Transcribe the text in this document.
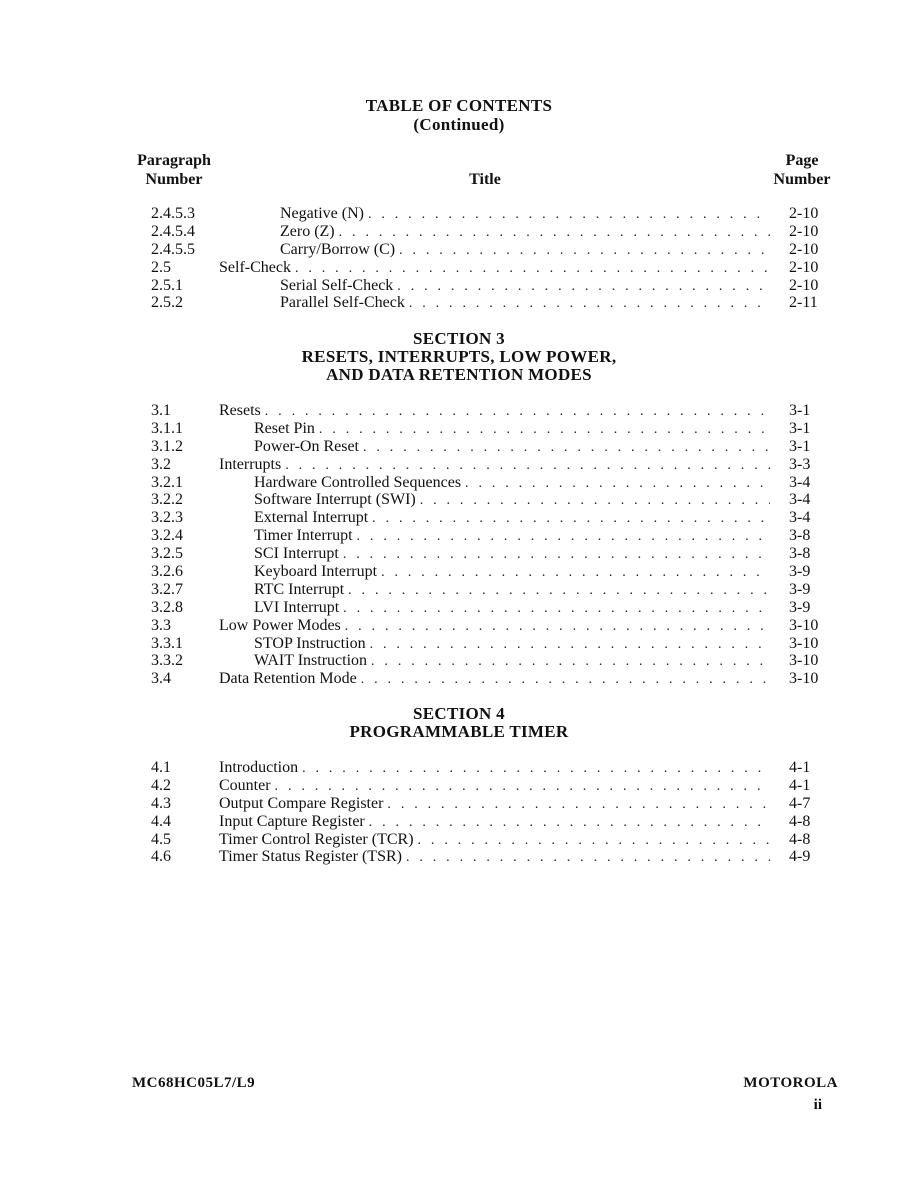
TABLE OF CONTENTS
(Continued)
Paragraph
Number	Title
Page
Number
2.4.5.3	Negative (N) . . .	2-10
2.4.5.4	Zero (Z) . . .	2-10
2.4.5.5	Carry/Borrow (C) . . .	2-10
2.5	Self-Check . . .	2-10
2.5.1	Serial Self-Check . . .	2-10
2.5.2	Parallel Self-Check . . .	2-11
SECTION 3
RESETS, INTERRUPTS, LOW POWER,
AND DATA RETENTION MODES
3.1	Resets . . .	3-1
3.1.1	Reset Pin . . .	3-1
3.1.2	Power-On Reset . . .	3-1
3.2	Interrupts . . .	3-3
3.2.1	Hardware Controlled Sequences . . .	3-4
3.2.2	Software Interrupt (SWI) . . .	3-4
3.2.3	External Interrupt . . .	3-4
3.2.4	Timer Interrupt . . .	3-8
3.2.5	SCI Interrupt . . .	3-8
3.2.6	Keyboard Interrupt . . .	3-9
3.2.7	RTC Interrupt . . .	3-9
3.2.8	LVI Interrupt . . .	3-9
3.3	Low Power Modes . . .	3-10
3.3.1	STOP Instruction . . .	3-10
3.3.2	WAIT Instruction . . .	3-10
3.4	Data Retention Mode . . .	3-10
SECTION 4
PROGRAMMABLE TIMER
4.1	Introduction . . .	4-1
4.2	Counter . . .	4-1
4.3	Output Compare Register . . .	4-7
4.4	Input Capture Register . . .	4-8
4.5	Timer Control Register (TCR) . . .	4-8
4.6	Timer Status Register (TSR) . . .	4-9
MC68HC05L7/L9	MOTOROLA
ii
